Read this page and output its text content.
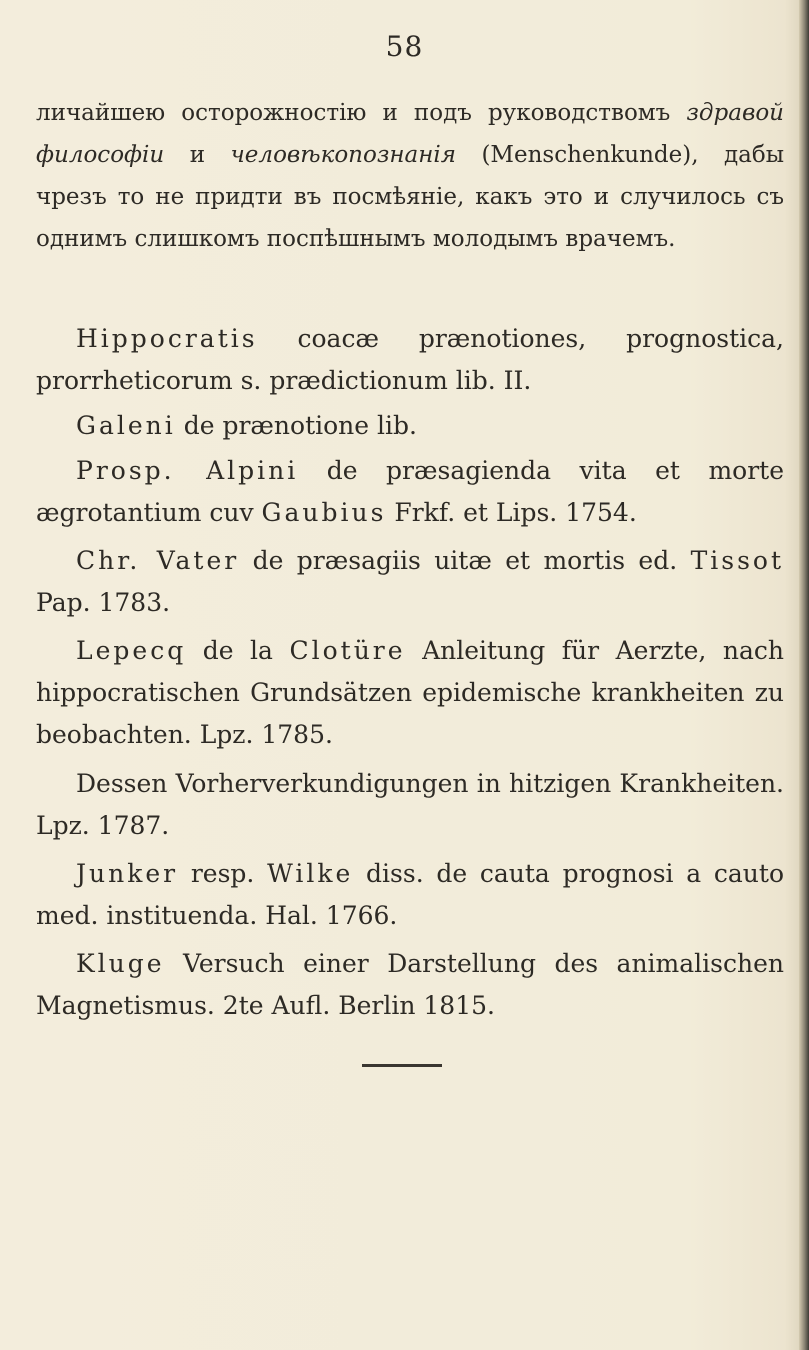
58

личайшею осторожностію и подъ руководствомъ здравой философіи и человѣкопознанія (Menschenkunde), дабы чрезъ то не придти въ посмѣяніе, какъ это и случилось съ однимъ слишкомъ поспѣшнымъ молодымъ врачемъ.

Hippocratis coacæ prænotiones, prognostica, prorrheticorum s. prædictionum lib. II.

Galeni de prænotione lib.

Prosp. Alpini de præsagienda vita et morte ægrotantium cuv Gaubius Frkf. et Lips. 1754.

Chr. Vater de præsagiis uitæ et mortis ed. Tissot Pap. 1783.

Lepecq de la Clotüre Anleitung für Aerzte, nach hippocratischen Grundsätzen epidemische krankheiten zu beobachten. Lpz. 1785.

Dessen Vorherverkundigungen in hitzigen Krankheiten. Lpz. 1787.

Junker resp. Wilke diss. de cauta prognosi a cauto med. instituenda. Hal. 1766.

Kluge Versuch einer Darstellung des animalischen Magnetismus. 2te Aufl. Berlin 1815.
